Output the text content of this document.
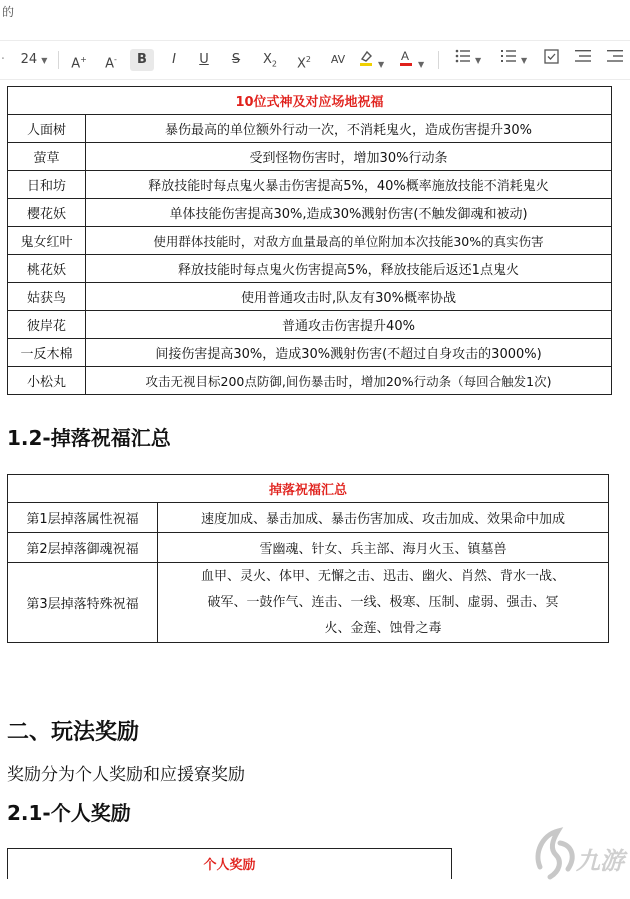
的
·	24 ▼	A+	A-	B	I	U	S	$X_2$	$X^2$	AV	▼
A
▼	▼	▼
10位式神及对应场地祝福	
人面树	暴伤最高的单位额外行动一次，不消耗鬼火，造成伤害提升30%
萤草	受到怪物伤害时，增加30%行动条
日和坊	释放技能时每点鬼火暴击伤害提高5%，40%概率施放技能不消耗鬼火
樱花妖	单体技能伤害提高30%,造成30%溅射伤害(不触发御魂和被动)
鬼女红叶	使用群体技能时，对敌方血量最高的单位附加本次技能30%的真实伤害
桃花妖	释放技能时每点鬼火伤害提高5%，释放技能后返还1点鬼火
姑获鸟	使用普通攻击时,队友有30%概率协战
彼岸花	普通攻击伤害提升40%
一反木棉	间接伤害提高30%，造成30%溅射伤害(不超过自身攻击的3000%)
小松丸	攻击无视目标200点防御,间伤暴击时，增加20%行动条（每回合触发1次)
1.2-掉落祝福汇总
掉落祝福汇总	
第1层掉落属性祝福	速度加成、暴击加成、暴击伤害加成、攻击加成、效果命中加成
第2层掉落御魂祝福	雪幽魂、针女、兵主部、海月火玉、镇墓兽
第3层掉落特殊祝福	血甲、灵火、体甲、无懈之击、迅击、幽火、肖然、背水一战、
破军、一鼓作气、连击、一线、极寒、压制、虚弱、强击、冥
火、金莲、蚀骨之毒
二、玩法奖励

奖励分为个人奖励和应援寮奖励

2.1-个人奖励
个人奖励	九游
